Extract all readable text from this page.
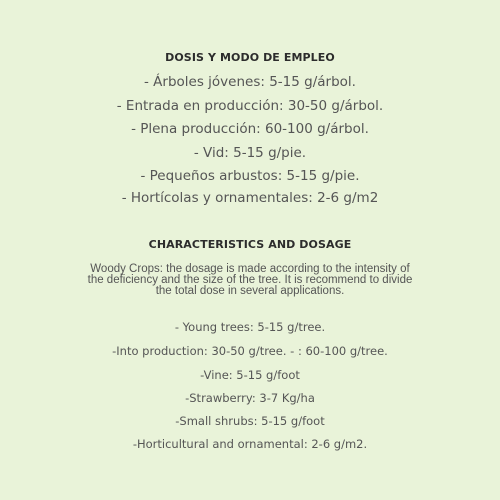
DOSIS Y MODO DE EMPLEO
- Árboles jóvenes: 5-15 g/árbol.
- Entrada en producción: 30-50 g/árbol.
- Plena producción: 60-100 g/árbol.
- Vid: 5-15 g/pie.
- Pequeños arbustos: 5-15 g/pie.
- Hortícolas y ornamentales: 2-6 g/m2
CHARACTERISTICS AND DOSAGE
Woody Crops: the dosage is made according to the intensity of the deficiency and the size of the tree. It is recommend to divide the total dose in several applications.
- Young trees: 5-15 g/tree.
-Into production: 30-50 g/tree. - : 60-100 g/tree.
-Vine: 5-15 g/foot
-Strawberry: 3-7 Kg/ha
-Small shrubs: 5-15 g/foot
-Horticultural and ornamental: 2-6 g/m2.
